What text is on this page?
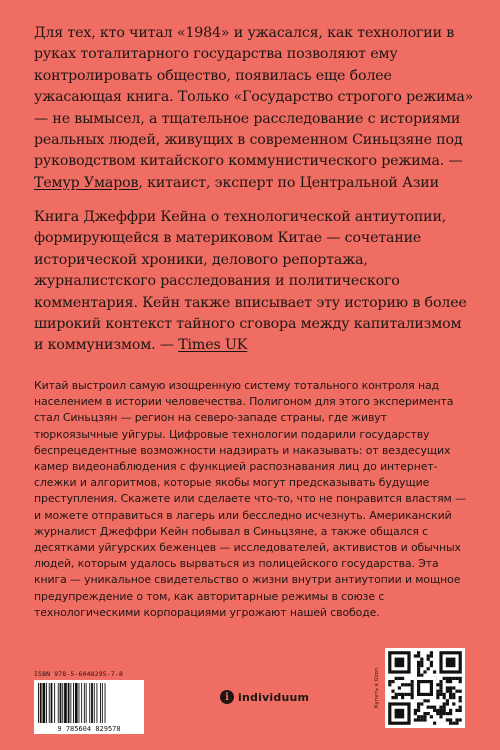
Для тех, кто читал «1984» и ужасался, как технологии в руках тоталитарного государства позволяют ему контролировать общество, появилась еще более ужасающая книга. Только «Государство строгого режима» — не вымысел, а тщательное расследование с историями реальных людей, живущих в современном Синьцзяне под руководством китайского коммунистического режима. — Темур Умаров, китаист, эксперт по Центральной Азии

Книга Джеффри Кейна о технологической антиутопии, формирующейся в материковом Китае — сочетание исторической хроники, делового репортажа, журналистского расследования и политического комментария. Кейн также вписывает эту историю в более широкий контекст тайного сговора между капитализмом и коммунизмом. — Times UK

Китай выстроил самую изощренную систему тотального контроля над населением в истории человечества. Полигоном для этого эксперимента стал Синьцзян — регион на северо-западе страны, где живут тюркоязычные уйгуры. Цифровые технологии подарили государству беспрецедентные возможности надзирать и наказывать: от вездесущих камер видеонаблюдения с функцией распознавания лиц до интернет-слежки и алгоритмов, которые якобы могут предсказывать будущие преступления. Скажете или сделаете что-то, что не понравится властям — и можете отправиться в лагерь или бесследно исчезнуть. Американский журналист Джеффри Кейн побывал в Синьцзяне, а также общался с десятками уйгурских беженцев — исследователей, активистов и обычных людей, которым удалось вырваться из полицейского государства. Эта книга — уникальное свидетельство о жизни внутри антиутопии и мощное предупреждение о том, как авторитарные режимы в союзе с технологическими корпорациями угрожают нашей свободе.

ISBN 978-5-6048295-7-8
9 785604 829578
i individuum	Купить в Ozon
